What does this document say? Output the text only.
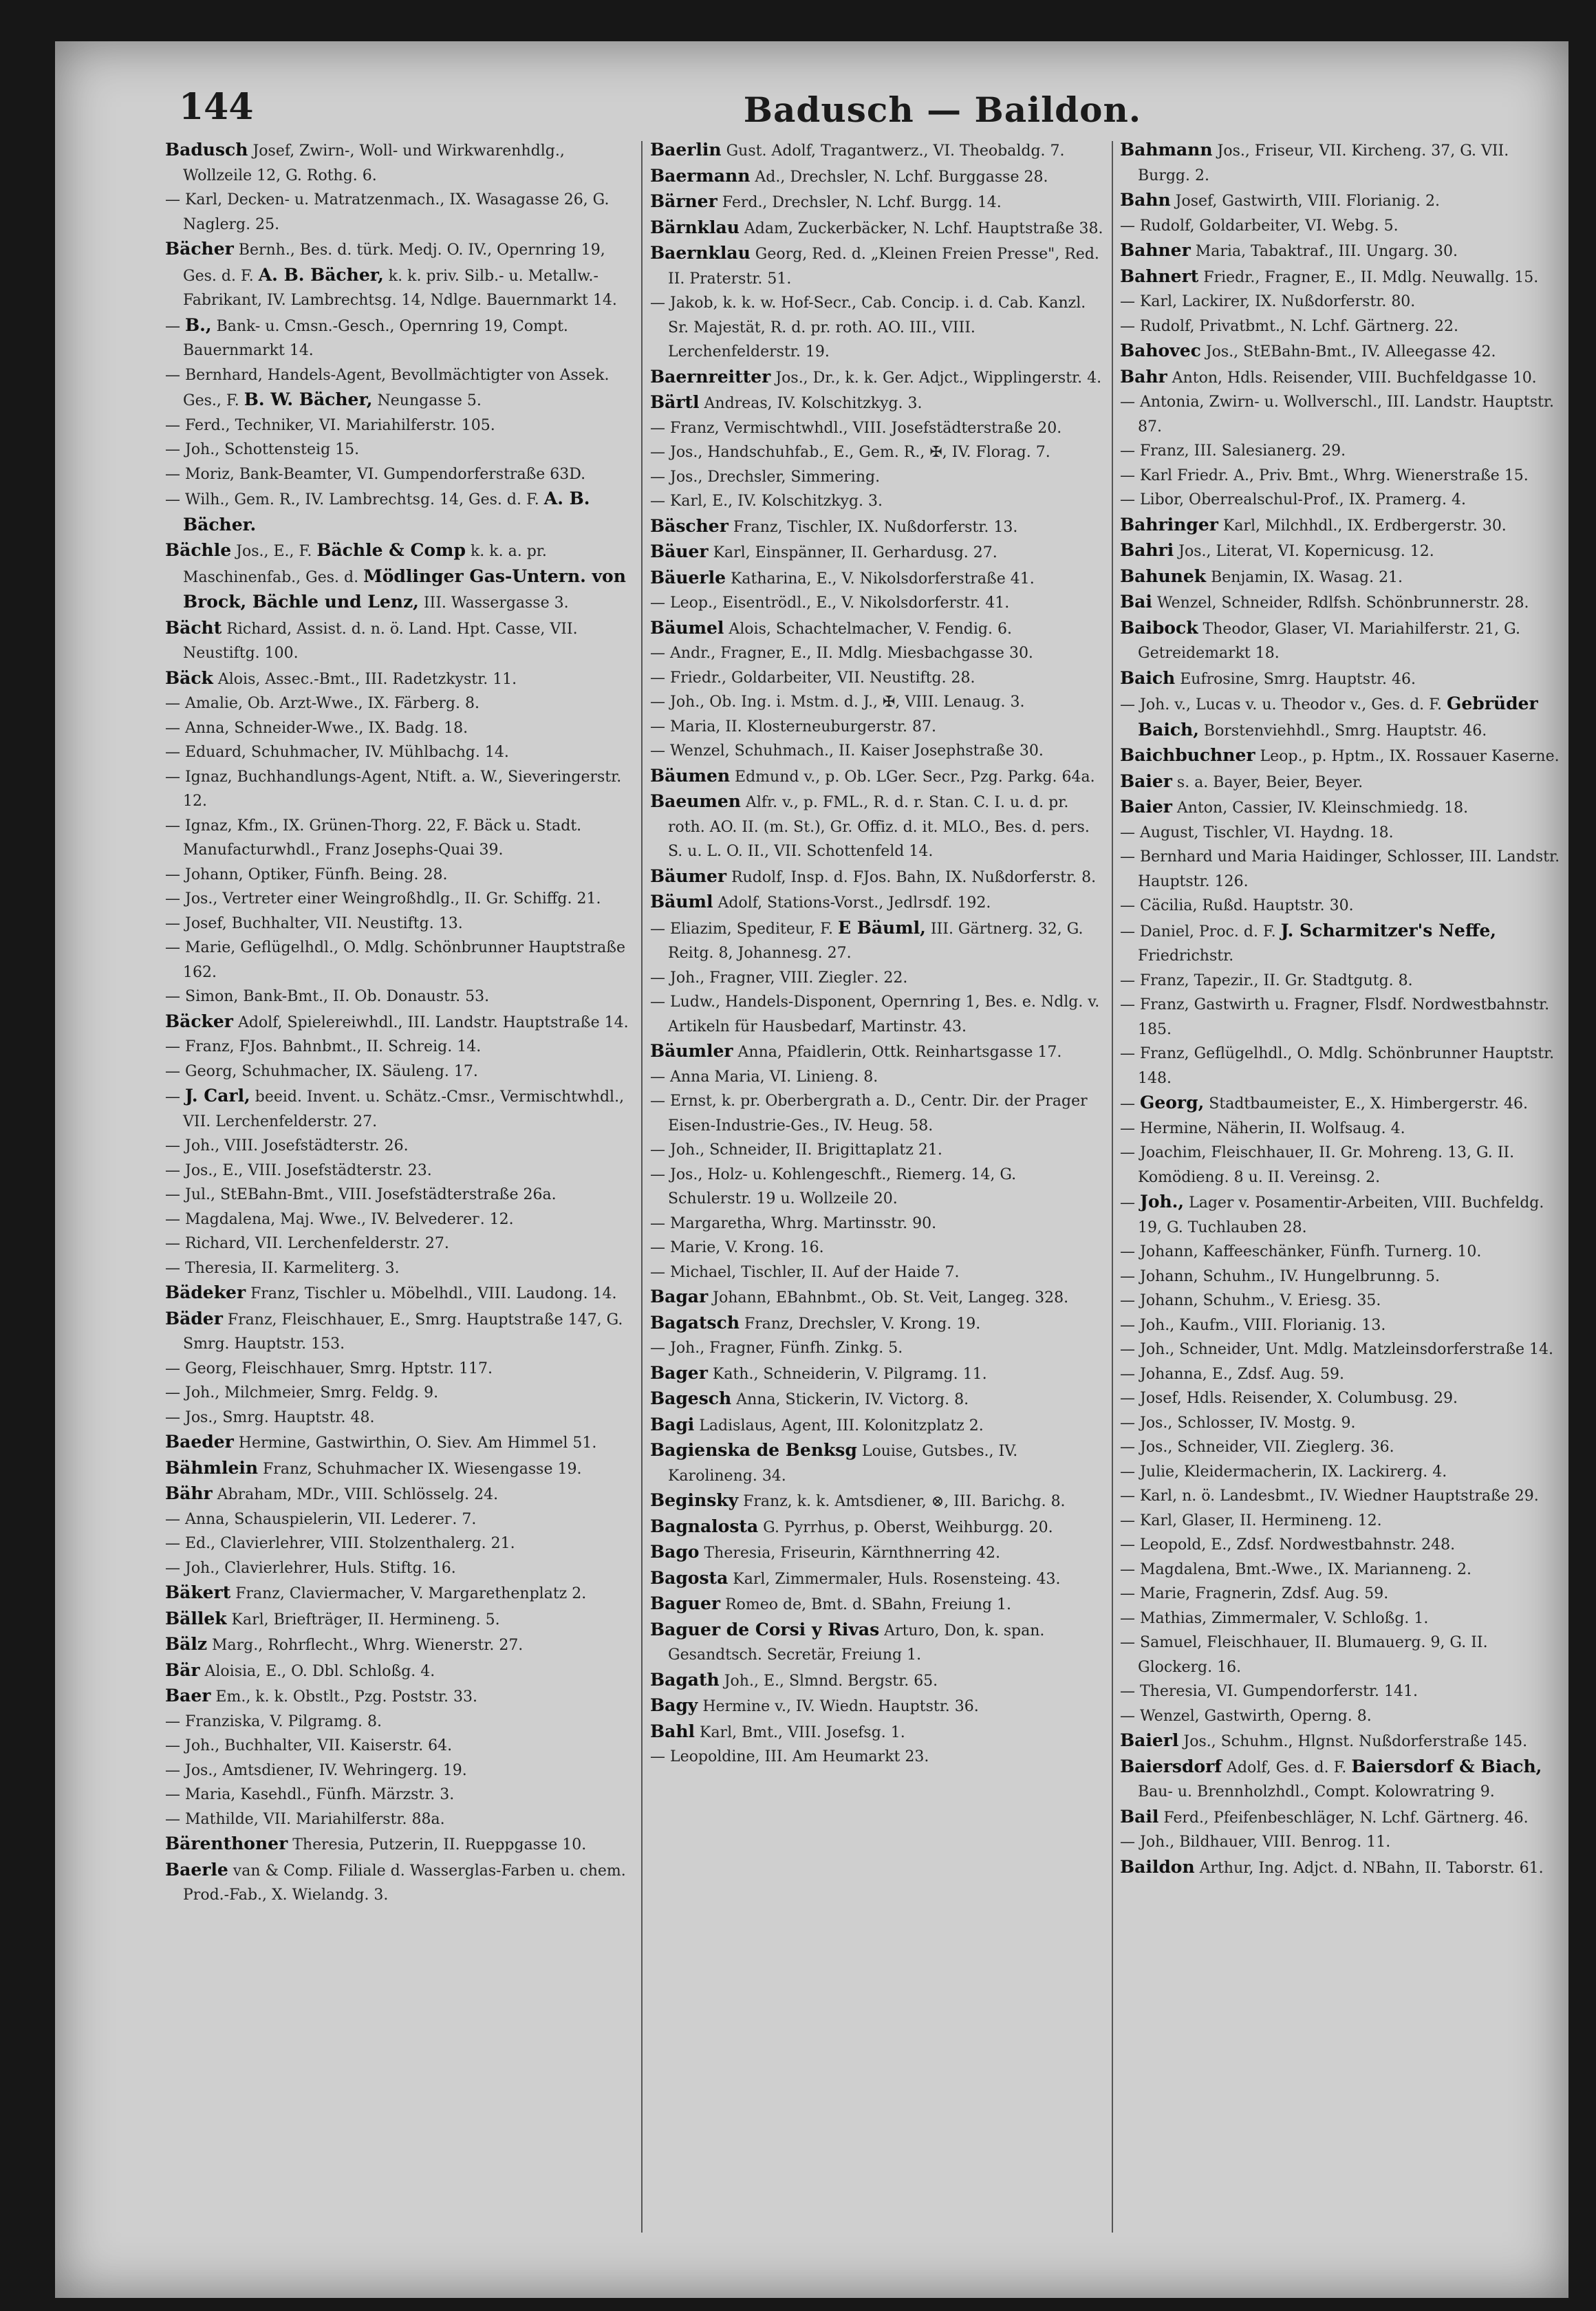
144	Badusch — Baildon.

Badusch Josef, Zwirn-, Woll- und Wirkwarenhdlg., Wollzeile 12, G. Rothg. 6.

— Karl, Decken- u. Matratzenmach., IX. Wasagasse 26, G. Naglerg. 25.

Bächer Bernh., Bes. d. türk. Medj. O. IV., Opernring 19, Ges. d. F. A. B. Bächer, k. k. priv. Silb.- u. Metallw.-Fabrikant, IV. Lambrechtsg. 14, Ndlge. Bauernmarkt 14.

— B., Bank- u. Cmsn.-Gesch., Opernring 19, Compt. Bauernmarkt 14.

— Bernhard, Handels-Agent, Bevollmächtigter von Assek. Ges., F. B. W. Bächer, Neungasse 5.

— Ferd., Techniker, VI. Mariahilferstr. 105.

— Joh., Schottensteig 15.

— Moriz, Bank-Beamter, VI. Gumpendorferstraße 63D.

— Wilh., Gem. R., IV. Lambrechtsg. 14, Ges. d. F. A. B. Bächer.

Bächle Jos., E., F. Bächle & Comp k. k. a. pr. Maschinenfab., Ges. d. Mödlinger Gas-Untern. von Brock, Bächle und Lenz, III. Wassergasse 3.

Bächt Richard, Assist. d. n. ö. Land. Hpt. Casse, VII. Neustiftg. 100.

Bäck Alois, Assec.-Bmt., III. Radetzkystr. 11.

— Amalie, Ob. Arzt-Wwe., IX. Färberg. 8.

— Anna, Schneider-Wwe., IX. Badg. 18.

— Eduard, Schuhmacher, IV. Mühlbachg. 14.

— Ignaz, Buchhandlungs-Agent, Ntift. a. W., Sieveringerstr. 12.

— Ignaz, Kfm., IX. Grünen-Thorg. 22, F. Bäck u. Stadt. Manufacturwhdl., Franz Josephs-Quai 39.

— Johann, Optiker, Fünfh. Being. 28.

— Jos., Vertreter einer Weingroßhdlg., II. Gr. Schiffg. 21.

— Josef, Buchhalter, VII. Neustiftg. 13.

— Marie, Geflügelhdl., O. Mdlg. Schönbrunner Hauptstraße 162.

— Simon, Bank-Bmt., II. Ob. Donaustr. 53.

Bäcker Adolf, Spielereiwhdl., III. Landstr. Hauptstraße 14.

— Franz, FJos. Bahnbmt., II. Schreig. 14.

— Georg, Schuhmacher, IX. Säuleng. 17.

— J. Carl, beeid. Invent. u. Schätz.-Cmsr., Vermischtwhdl., VII. Lerchenfelderstr. 27.

— Joh., VIII. Josefstädterstr. 26.

— Jos., E., VIII. Josefstädterstr. 23.

— Jul., StEBahn-Bmt., VIII. Josefstädterstraße 26a.

— Magdalena, Maj. Wwe., IV. Belvederег. 12.

— Richard, VII. Lerchenfelderstr. 27.

— Theresia, II. Karmeliterg. 3.

Bädeker Franz, Tischler u. Möbelhdl., VIII. Laudong. 14.

Bäder Franz, Fleischhauer, E., Smrg. Hauptstraße 147, G. Smrg. Hauptstr. 153.

— Georg, Fleischhauer, Smrg. Hptstr. 117.

— Joh., Milchmeier, Smrg. Feldg. 9.

— Jos., Smrg. Hauptstr. 48.

Baeder Hermine, Gastwirthin, O. Siev. Am Himmel 51.

Bähmlein Franz, Schuhmacher IX. Wiesengasse 19.

Bähr Abraham, MDr., VIII. Schlösselg. 24.

— Anna, Schauspielerin, VII. Lederег. 7.

— Ed., Clavierlehrer, VIII. Stolzenthalerg. 21.

— Joh., Clavierlehrer, Huls. Stiftg. 16.

Bäkert Franz, Claviermacher, V. Margarethenplatz 2.

Bällek Karl, Briefträger, II. Hermineng. 5.

Bälz Marg., Rohrflecht., Whrg. Wienerstr. 27.

Bär Aloisia, E., O. Dbl. Schloßg. 4.

Baer Em., k. k. Obstlt., Pzg. Poststr. 33.

— Franziska, V. Pilgramg. 8.

— Joh., Buchhalter, VII. Kaiserstr. 64.

— Jos., Amtsdiener, IV. Wehringerg. 19.

— Maria, Kasehdl., Fünfh. Märzstr. 3.

— Mathilde, VII. Mariahilferstr. 88a.

Bärenthoner Theresia, Putzerin, II. Rueppgasse 10.

Baerle van & Comp. Filiale d. Wasserglas-Farben u. chem. Prod.-Fab., X. Wielandg. 3.

Baerlin Gust. Adolf, Tragantwerz., VI. Theobaldg. 7.

Baermann Ad., Drechsler, N. Lchf. Burggasse 28.

Bärner Ferd., Drechsler, N. Lchf. Burgg. 14.

Bärnklau Adam, Zuckerbäcker, N. Lchf. Hauptstraße 38.

Baernklau Georg, Red. d. „Kleinen Freien Presse", Red. II. Praterstr. 51.

— Jakob, k. k. w. Hof-Secr., Cab. Concip. i. d. Cab. Kanzl. Sr. Majestät, R. d. pr. roth. AO. III., VIII. Lerchenfelderstr. 19.

Baernreitter Jos., Dr., k. k. Ger. Adjct., Wipplingerstr. 4.

Bärtl Andreas, IV. Kolschitzkyg. 3.

— Franz, Vermischtwhdl., VIII. Josefstädterstraße 20.

— Jos., Handschuhfab., E., Gem. R., ✠, IV. Florag. 7.

— Jos., Drechsler, Simmering.

— Karl, E., IV. Kolschitzkyg. 3.

Bäscher Franz, Tischler, IX. Nußdorferstr. 13.

Bäuer Karl, Einspänner, II. Gerhardusg. 27.

Bäuerle Katharina, E., V. Nikolsdorferstraße 41.

— Leop., Eisentrödl., E., V. Nikolsdorferstr. 41.

Bäumel Alois, Schachtelmacher, V. Fendig. 6.

— Andr., Fragner, E., II. Mdlg. Miesbachgasse 30.

— Friedr., Goldarbeiter, VII. Neustiftg. 28.

— Joh., Ob. Ing. i. Mstm. d. J., ✠, VIII. Lenaug. 3.

— Maria, II. Klosterneuburgerstr. 87.

— Wenzel, Schuhmach., II. Kaiser Josephstraße 30.

Bäumen Edmund v., p. Ob. LGer. Secr., Pzg. Parkg. 64a.

Baeumen Alfr. v., p. FML., R. d. r. Stan. C. I. u. d. pr. roth. AO. II. (m. St.), Gr. Offiz. d. it. MLO., Bes. d. pers. S. u. L. O. II., VII. Schottenfeld 14.

Bäumer Rudolf, Insp. d. FJos. Bahn, IX. Nußdorferstr. 8.

Bäuml Adolf, Stations-Vorst., Jedlrsdf. 192.

— Eliazim, Spediteur, F. E Bäuml, III. Gärtnerg. 32, G. Reitg. 8, Johannesg. 27.

— Joh., Fragner, VIII. Ziegleг. 22.

— Ludw., Handels-Disponent, Opernring 1, Bes. e. Ndlg. v. Artikeln für Hausbedarf, Martinstr. 43.

Bäumler Anna, Pfaidlerin, Ottk. Reinhartsgasse 17.

— Anna Maria, VI. Linieng. 8.

— Ernst, k. pr. Oberbergrath a. D., Centr. Dir. der Prager Eisen-Industrie-Ges., IV. Heug. 58.

— Joh., Schneider, II. Brigittaplatz 21.

— Jos., Holz- u. Kohlengeschft., Riemerg. 14, G. Schulerstr. 19 u. Wollzeile 20.

— Margaretha, Whrg. Martinsstr. 90.

— Marie, V. Krong. 16.

— Michael, Tischler, II. Auf der Haide 7.

Bagar Johann, EBahnbmt., Ob. St. Veit, Langeg. 328.

Bagatsch Franz, Drechsler, V. Krong. 19.

— Joh., Fragner, Fünfh. Zinkg. 5.

Bager Kath., Schneiderin, V. Pilgramg. 11.

Bagesch Anna, Stickerin, IV. Victorg. 8.

Bagi Ladislaus, Agent, III. Kolonitzplatz 2.

Bagienska de Benksg Louise, Gutsbes., IV. Karolineng. 34.

Beginsky Franz, k. k. Amtsdiener, ⊗, III. Barichg. 8.

Bagnalosta G. Pyrrhus, p. Oberst, Weihburgg. 20.

Bago Theresia, Friseurin, Kärnthnerring 42.

Bagosta Karl, Zimmermaler, Huls. Rosensteing. 43.

Baguer Romeo de, Bmt. d. SBahn, Freiung 1.

Baguer de Corsi y Rivas Arturo, Don, k. span. Gesandtsch. Secretär, Freiung 1.

Bagath Joh., E., Slmnd. Bergstr. 65.

Bagy Hermine v., IV. Wiedn. Hauptstr. 36.

Bahl Karl, Bmt., VIII. Josefsg. 1.

— Leopoldine, III. Am Heumarkt 23.

Bahmann Jos., Friseur, VII. Kircheng. 37, G. VII. Burgg. 2.

Bahn Josef, Gastwirth, VIII. Florianig. 2.

— Rudolf, Goldarbeiter, VI. Webg. 5.

Bahner Maria, Tabaktraf., III. Ungarg. 30.

Bahnert Friedr., Fragner, E., II. Mdlg. Neuwallg. 15.

— Karl, Lackirer, IX. Nußdorferstr. 80.

— Rudolf, Privatbmt., N. Lchf. Gärtnerg. 22.

Bahovec Jos., StEBahn-Bmt., IV. Alleegasse 42.

Bahr Anton, Hdls. Reisender, VIII. Buchfeldgasse 10.

— Antonia, Zwirn- u. Wollverschl., III. Landstr. Hauptstr. 87.

— Franz, III. Salesianerg. 29.

— Karl Friedr. A., Priv. Bmt., Whrg. Wienerstraße 15.

— Libor, Oberrealschul-Prof., IX. Pramerg. 4.

Bahringer Karl, Milchhdl., IX. Erdbergerstr. 30.

Bahri Jos., Literat, VI. Kopernicusg. 12.

Bahunek Benjamin, IX. Wasag. 21.

Bai Wenzel, Schneider, Rdlfsh. Schönbrunnerstr. 28.

Baibock Theodor, Glaser, VI. Mariahilferstr. 21, G. Getreidemarkt 18.

Baich Eufrosine, Smrg. Hauptstr. 46.

— Joh. v., Lucas v. u. Theodor v., Ges. d. F. Gebrüder Baich, Borstenviehhdl., Smrg. Hauptstr. 46.

Baichbuchner Leop., p. Hptm., IX. Rossauer Kaserne.

Baier s. a. Bayer, Beier, Beyer.

Baier Anton, Cassier, IV. Kleinschmiedg. 18.

— August, Tischler, VI. Haydng. 18.

— Bernhard und Maria Haidinger, Schlosser, III. Landstr. Hauptstr. 126.

— Cäcilia, Rußd. Hauptstr. 30.

— Daniel, Proc. d. F. J. Scharmitzer's Neffe, Friedrichstr.

— Franz, Tapezir., II. Gr. Stadtgutg. 8.

— Franz, Gastwirth u. Fragner, Flsdf. Nordwestbahnstr. 185.

— Franz, Geflügelhdl., O. Mdlg. Schönbrunner Hauptstr. 148.

— Georg, Stadtbaumeister, E., X. Himbergerstr. 46.

— Hermine, Näherin, II. Wolfsaug. 4.

— Joachim, Fleischhauer, II. Gr. Mohreng. 13, G. II. Komödieng. 8 u. II. Vereinsg. 2.

— Joh., Lager v. Posamentir-Arbeiten, VIII. Buchfeldg. 19, G. Tuchlauben 28.

— Johann, Kaffeeschänker, Fünfh. Turnerg. 10.

— Johann, Schuhm., IV. Hungelbrunng. 5.

— Johann, Schuhm., V. Eriesg. 35.

— Joh., Kaufm., VIII. Florianig. 13.

— Joh., Schneider, Unt. Mdlg. Matzleinsdorferstraße 14.

— Johanna, E., Zdsf. Aug. 59.

— Josef, Hdls. Reisender, X. Columbusg. 29.

— Jos., Schlosser, IV. Mostg. 9.

— Jos., Schneider, VII. Zieglerg. 36.

— Julie, Kleidermacherin, IX. Lackirerg. 4.

— Karl, n. ö. Landesbmt., IV. Wiedner Hauptstraße 29.

— Karl, Glaser, II. Hermineng. 12.

— Leopold, E., Zdsf. Nordwestbahnstr. 248.

— Magdalena, Bmt.-Wwe., IX. Marianneng. 2.

— Marie, Fragnerin, Zdsf. Aug. 59.

— Mathias, Zimmermaler, V. Schloßg. 1.

— Samuel, Fleischhauer, II. Blumauerg. 9, G. II. Glockerg. 16.

— Theresia, VI. Gumpendorferstr. 141.

— Wenzel, Gastwirth, Operng. 8.

Baierl Jos., Schuhm., Hlgnst. Nußdorferstraße 145.

Baiersdorf Adolf, Ges. d. F. Baiersdorf & Biach, Bau- u. Brennholzhdl., Compt. Kolowratring 9.

Bail Ferd., Pfeifenbeschläger, N. Lchf. Gärtnerg. 46.

— Joh., Bildhauer, VIII. Benrog. 11.

Baildon Arthur, Ing. Adjct. d. NBahn, II. Taborstr. 61.
